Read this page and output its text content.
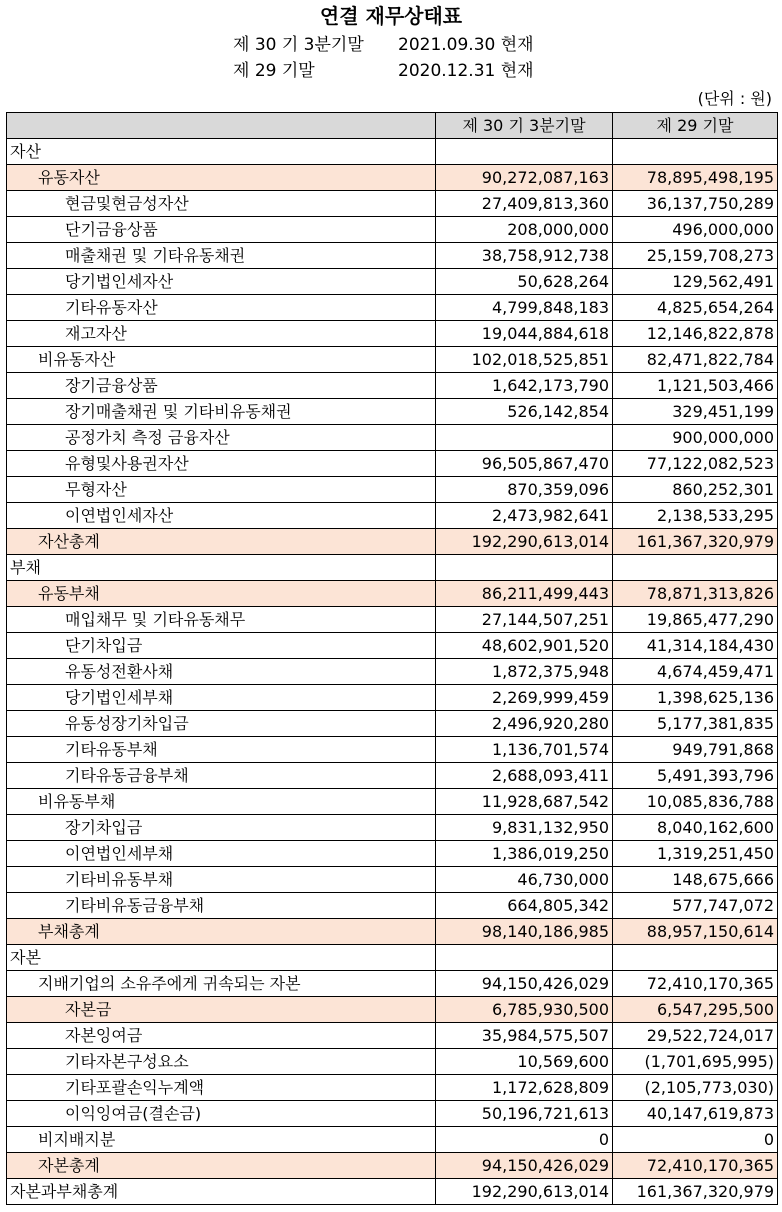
연결 재무상태표
제 30 기 3분기말 2021.09.30 현재
제 29 기말	2020.12.31 현재
(단위 : 원)
	제 30 기 3분기말	제 29 기말
자산		
유동자산	90,272,087,163	78,895,498,195
현금및현금성자산	27,409,813,360	36,137,750,289
단기금융상품	208,000,000	496,000,000
매출채권 및 기타유동채권	38,758,912,738	25,159,708,273
당기법인세자산	50,628,264	129,562,491
기타유동자산	4,799,848,183	4,825,654,264
재고자산	19,044,884,618	12,146,822,878
비유동자산	102,018,525,851	82,471,822,784
장기금융상품	1,642,173,790	1,121,503,466
장기매출채권 및 기타비유동채권	526,142,854	329,451,199
공정가치 측정 금융자산		900,000,000
유형및사용권자산	96,505,867,470	77,122,082,523
무형자산	870,359,096	860,252,301
이연법인세자산	2,473,982,641	2,138,533,295
자산총계	192,290,613,014	161,367,320,979
부채		
유동부채	86,211,499,443	78,871,313,826
매입채무 및 기타유동채무	27,144,507,251	19,865,477,290
단기차입금	48,602,901,520	41,314,184,430
유동성전환사채	1,872,375,948	4,674,459,471
당기법인세부채	2,269,999,459	1,398,625,136
유동성장기차입금	2,496,920,280	5,177,381,835
기타유동부채	1,136,701,574	949,791,868
기타유동금융부채	2,688,093,411	5,491,393,796
비유동부채	11,928,687,542	10,085,836,788
장기차입금	9,831,132,950	8,040,162,600
이연법인세부채	1,386,019,250	1,319,251,450
기타비유동부채	46,730,000	148,675,666
기타비유동금융부채	664,805,342	577,747,072
부채총계	98,140,186,985	88,957,150,614
자본		
지배기업의 소유주에게 귀속되는 자본	94,150,426,029	72,410,170,365
자본금	6,785,930,500	6,547,295,500
자본잉여금	35,984,575,507	29,522,724,017
기타자본구성요소	10,569,600	(1,701,695,995)
기타포괄손익누계액	1,172,628,809	(2,105,773,030)
이익잉여금(결손금)	50,196,721,613	40,147,619,873
비지배지분	0	0
자본총계	94,150,426,029	72,410,170,365
자본과부채총계	192,290,613,014	161,367,320,979
